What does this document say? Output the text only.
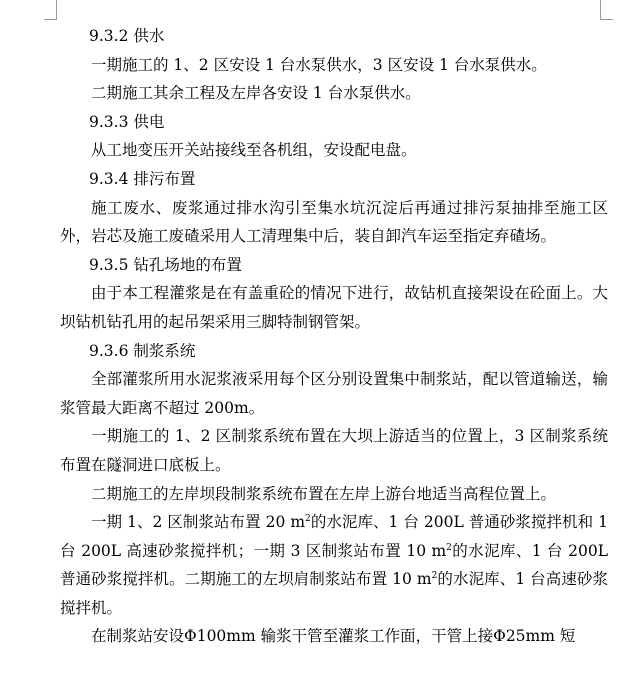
9.3.2 供水

一期施工的 1、2 区安设 1 台水泵供水，3 区安设 1 台水泵供水。

二期施工其余工程及左岸各安设 1 台水泵供水。

9.3.3 供电

从工地变压开关站接线至各机组，安设配电盘。

9.3.4 排污布置

施工废水、废浆通过排水沟引至集水坑沉淀后再通过排污泵抽排至施工区外，岩芯及施工废碴采用人工清理集中后，装自卸汽车运至指定弃碴场。

9.3.5 钻孔场地的布置

由于本工程灌浆是在有盖重砼的情况下进行，故钻机直接架设在砼面上。大坝钻机钻孔用的起吊架采用三脚特制钢管架。

9.3.6 制浆系统

全部灌浆所用水泥浆液采用每个区分别设置集中制浆站，配以管道输送，输浆管最大距离不超过 200m。

一期施工的 1、2 区制浆系统布置在大坝上游适当的位置上，3 区制浆系统布置在隧洞进口底板上。

二期施工的左岸坝段制浆系统布置在左岸上游台地适当高程位置上。

一期 1、2 区制浆站布置 20 $m^2$的水泥库、1 台 200L 普通砂浆搅拌机和 1 台 200L 高速砂浆搅拌机；一期 3 区制浆站布置 10 $m^2$的水泥库、1 台 200L 普通砂浆搅拌机。二期施工的左坝肩制浆站布置 10 $m^2$的水泥库、1 台高速砂浆搅拌机。

在制浆站安设Φ100mm 输浆干管至灌浆工作面，干管上接Φ25mm 短
